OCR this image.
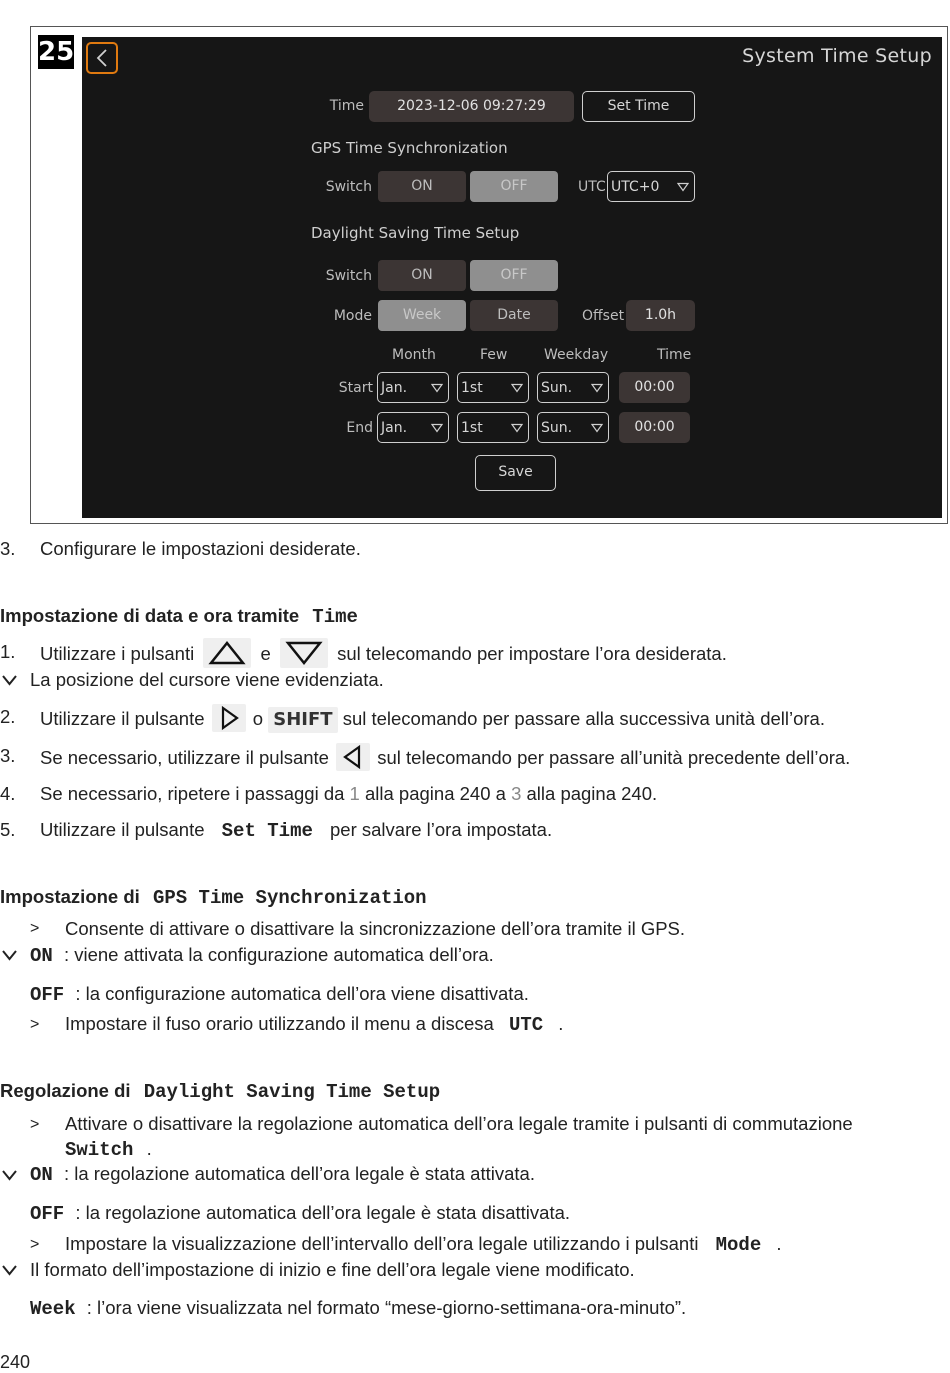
25	System Time Setup
Time	2023-12-06 09:27:29	Set Time
GPS Time Synchronization
Switch	ON	OFF	UTC UTC+0
Daylight Saving Time Setup
Switch	ON	OFF
Mode	Week	Date	Offset	1.0h
Month	Few	Weekday	Time
Start Jan.	1st	Sun.	00:00
End Jan.	1st	Sun.	00:00
Save
3. Configurare le impostazioni desiderate.
Impostazione di data e ora tramite Time
1. Utilizzare i pulsanti	e	sul telecomando per impostare l’ora desiderata.
La posizione del cursore viene evidenziata.
2. Utilizzare il pulsante	o SHIFT sul telecomando per passare alla successiva unità dell’ora.
3. Se necessario, utilizzare il pulsante	sul telecomando per passare all’unità precedente dell’ora.
4. Se necessario, ripetere i passaggi da 1 alla pagina 240 a 3 alla pagina 240.
5. Utilizzare il pulsante Set Time per salvare l’ora impostata.
Impostazione di GPS Time Synchronization
> Consente di attivare o disattivare la sincronizzazione dell’ora tramite il GPS.
ON : viene attivata la configurazione automatica dell’ora.
OFF : la configurazione automatica dell’ora viene disattivata.
> Impostare il fuso orario utilizzando il menu a discesa UTC .
Regolazione di Daylight Saving Time Setup
> Attivare o disattivare la regolazione automatica dell’ora legale tramite i pulsanti di commutazione
Switch .
ON : la regolazione automatica dell’ora legale è stata attivata.
OFF : la regolazione automatica dell’ora legale è stata disattivata.
> Impostare la visualizzazione dell’intervallo dell’ora legale utilizzando i pulsanti Mode .
Il formato dell’impostazione di inizio e fine dell’ora legale viene modificato.
Week : l’ora viene visualizzata nel formato “mese-giorno-settimana-ora-minuto”.
240
